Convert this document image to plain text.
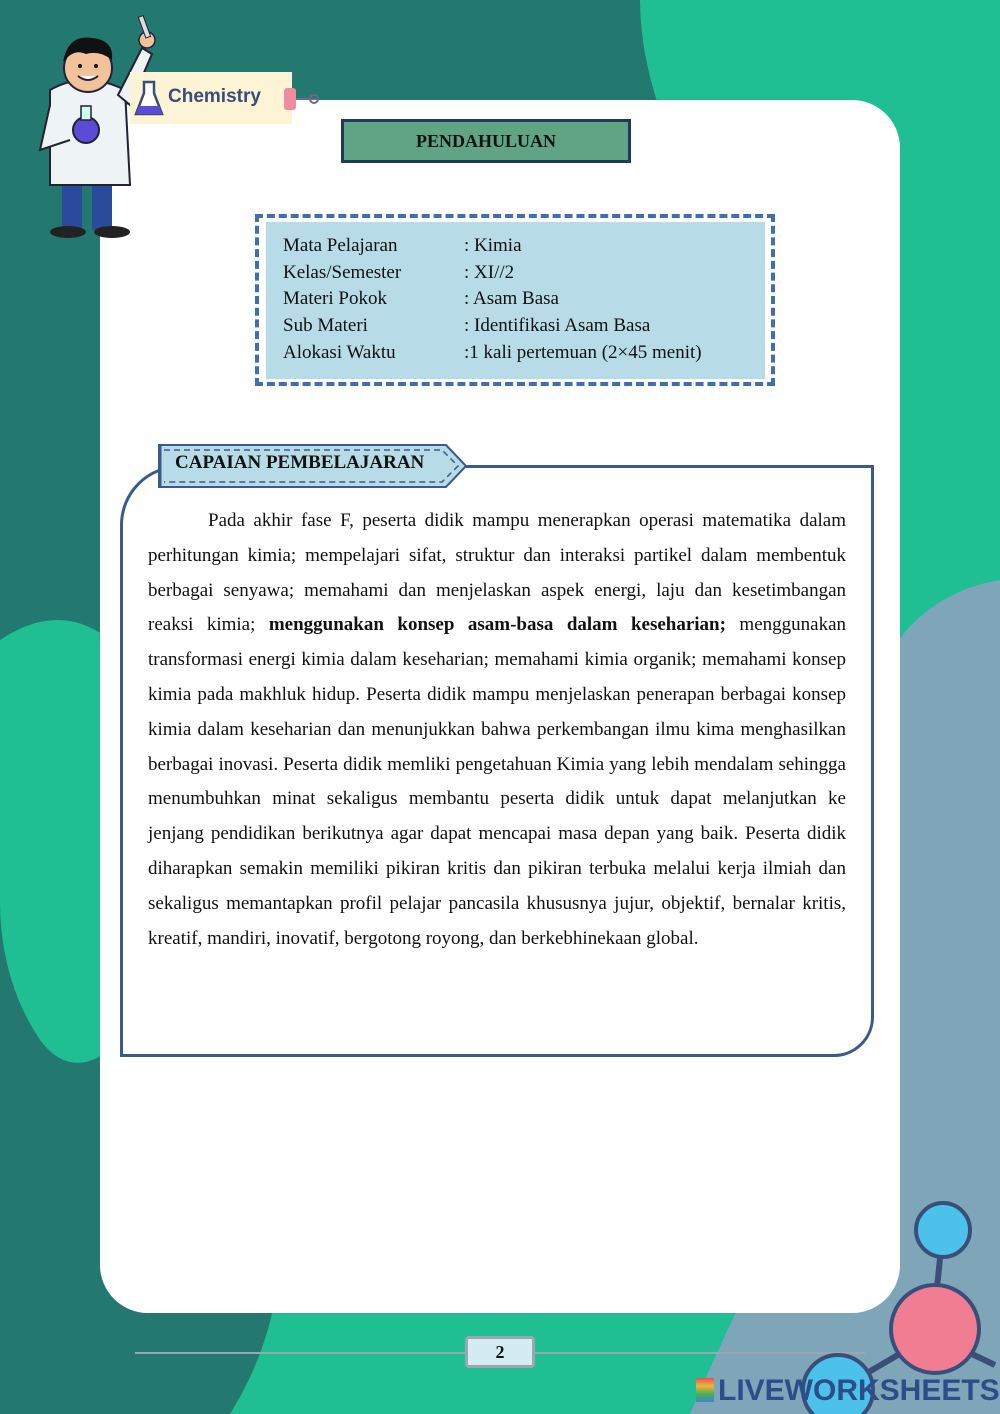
Chemistry
PENDAHULUAN
Mata Pelajaran	: Kimia
Kelas/Semester	: XI//2
Materi Pokok	: Asam Basa
Sub Materi	: Identifikasi Asam Basa
Alokasi Waktu	:1 kali pertemuan (2×45 menit)
CAPAIAN PEMBELAJARAN
Pada akhir fase F, peserta didik mampu menerapkan operasi matematika dalam perhitungan kimia; mempelajari sifat, struktur dan interaksi partikel dalam membentuk berbagai senyawa; memahami dan menjelaskan aspek energi, laju dan kesetimbangan reaksi kimia; menggunakan konsep asam-basa dalam keseharian; menggunakan transformasi energi kimia dalam keseharian; memahami kimia organik; memahami konsep kimia pada makhluk hidup. Peserta didik mampu menjelaskan penerapan berbagai konsep kimia dalam keseharian dan menunjukkan bahwa perkembangan ilmu kima menghasilkan berbagai inovasi. Peserta didik memliki pengetahuan Kimia yang lebih mendalam sehingga menumbuhkan minat sekaligus membantu peserta didik untuk dapat melanjutkan ke jenjang pendidikan berikutnya agar dapat mencapai masa depan yang baik. Peserta didik diharapkan semakin memiliki pikiran kritis dan pikiran terbuka melalui kerja ilmiah dan sekaligus memantapkan profil pelajar pancasila khususnya jujur, objektif, bernalar kritis, kreatif, mandiri, inovatif, bergotong royong, dan berkebhinekaan global.
2
LIVEWORKSHEETS
